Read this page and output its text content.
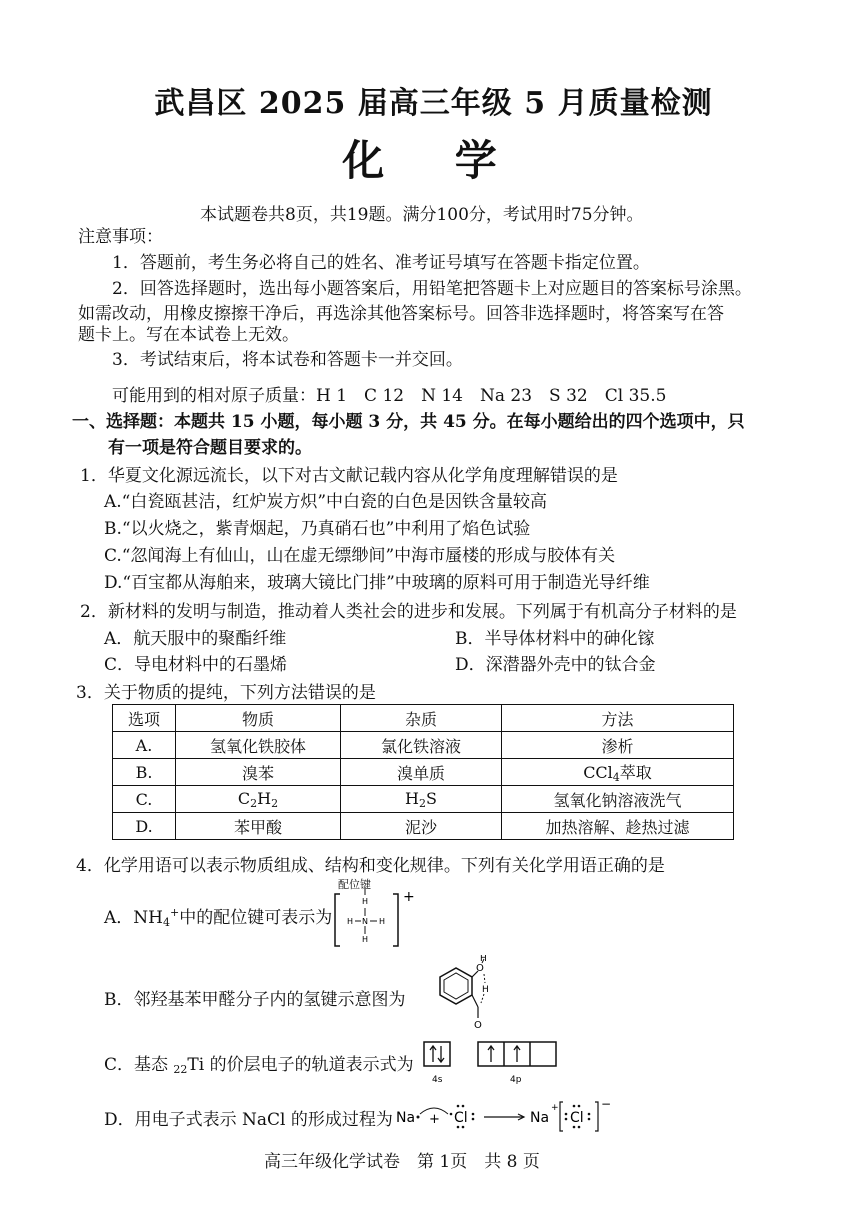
武昌区 2025 届高三年级 5 月质量检测
化 学
本试题卷共8页，共19题。满分100分，考试用时75分钟。
注意事项：
1．答题前，考生务必将自己的姓名、准考证号填写在答题卡指定位置。
2．回答选择题时，选出每小题答案后，用铅笔把答题卡上对应题目的答案标号涂黑。
如需改动，用橡皮擦擦干净后，再选涂其他答案标号。回答非选择题时，将答案写在答
题卡上。写在本试卷上无效。
3．考试结束后，将本试卷和答题卡一并交回。
可能用到的相对原子质量：H 1　C 12　N 14　Na 23　S 32　Cl 35.5
一、选择题：本题共 15 小题，每小题 3 分，共 45 分。在每小题给出的四个选项中，只
有一项是符合题目要求的。
1．华夏文化源远流长，以下对古文献记载内容从化学角度理解错误的是
A.“白瓷瓯甚洁，红炉炭方炽”中白瓷的白色是因铁含量较高
B.“以火烧之，紫青烟起，乃真硝石也”中利用了焰色试验
C.“忽闻海上有仙山，山在虚无缥缈间”中海市蜃楼的形成与胶体有关
D.“百宝都从海舶来，玻璃大镜比门排”中玻璃的原料可用于制造光导纤维
2．新材料的发明与制造，推动着人类社会的进步和发展。下列属于有机高分子材料的是
A．航天服中的聚酯纤维	B．半导体材料中的砷化镓
C．导电材料中的石墨烯	D．深潜器外壳中的钛合金
3．关于物质的提纯，下列方法错误的是
选项	物质	杂质	方法
A.	氢氧化铁胶体	氯化铁溶液	渗析
B.	溴苯	溴单质	CCl$_4$萃取
C.	$C_2H_2$	$H_2S$	氢氧化钠溶液洗气
D.	苯甲酸	泥沙	加热溶解、趁热过滤
4．化学用语可以表示物质组成、结构和变化规律。下列有关化学用语正确的是
A．$NH_4^+$中的配位键可表示为
配位键
+
H
H N H
H
B．邻羟基苯甲醛分子内的氢键示意图为
O
H
H
O
C．基态 $_{22}$Ti 的价层电子的轨道表示式为
4s	4p
D．用电子式表示 NaCl 的形成过程为 Na + Cl	Na
+
Cl
−
高三年级化学试卷　第 1页　共 8 页
